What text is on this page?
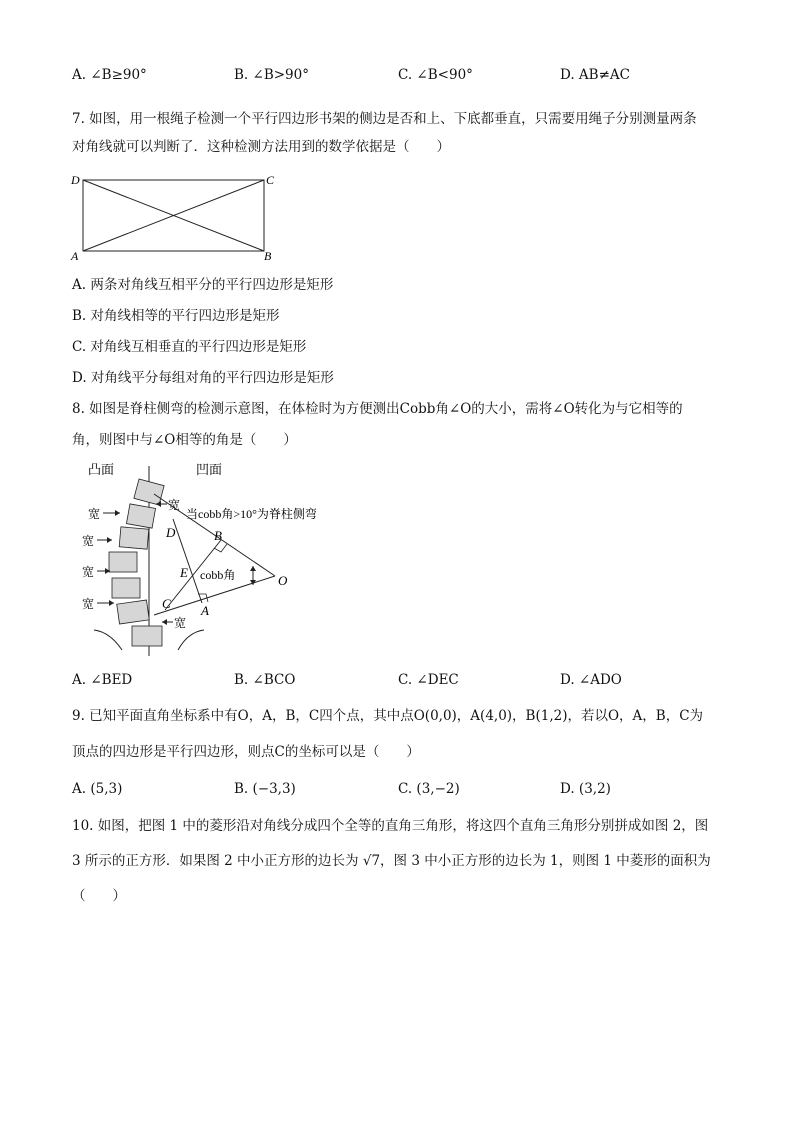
A. ∠B≥90°	B. ∠B>90°	C. ∠B<90°	D. AB≠AC
7. 如图，用一根绳子检测一个平行四边形书架的侧边是否和上、下底都垂直，只需要用绳子分别测量两条
对角线就可以判断了．这种检测方法用到的数学依据是（　　）
D	C
A	B
A. 两条对角线互相平分的平行四边形是矩形
B. 对角线相等的平行四边形是矩形
C. 对角线互相垂直的平行四边形是矩形
D. 对角线平分每组对角的平行四边形是矩形
8. 如图是脊柱侧弯的检测示意图，在体检时为方便测出Cobb角∠O的大小，需将∠O转化为与它相等的
角，则图中与∠O相等的角是（　　）
凸面	凹面
宽
宽
宽
宽
宽
宽
当cobb角>10°为脊柱侧弯
cobb角
D	B
E
O
C A
A. ∠BED	B. ∠BCO	C. ∠DEC	D. ∠ADO
9. 已知平面直角坐标系中有O，A，B，C四个点，其中点O(0,0)，A(4,0)，B(1,2)，若以O，A，B，C为
顶点的四边形是平行四边形，则点C的坐标可以是（　　）
A. (5,3)	B. (−3,3)	C. (3,−2)	D. (3,2)
10. 如图，把图 1 中的菱形沿对角线分成四个全等的直角三角形，将这四个直角三角形分别拼成如图 2，图
3 所示的正方形．如果图 2 中小正方形的边长为 √7，图 3 中小正方形的边长为 1，则图 1 中菱形的面积为
（　　）
